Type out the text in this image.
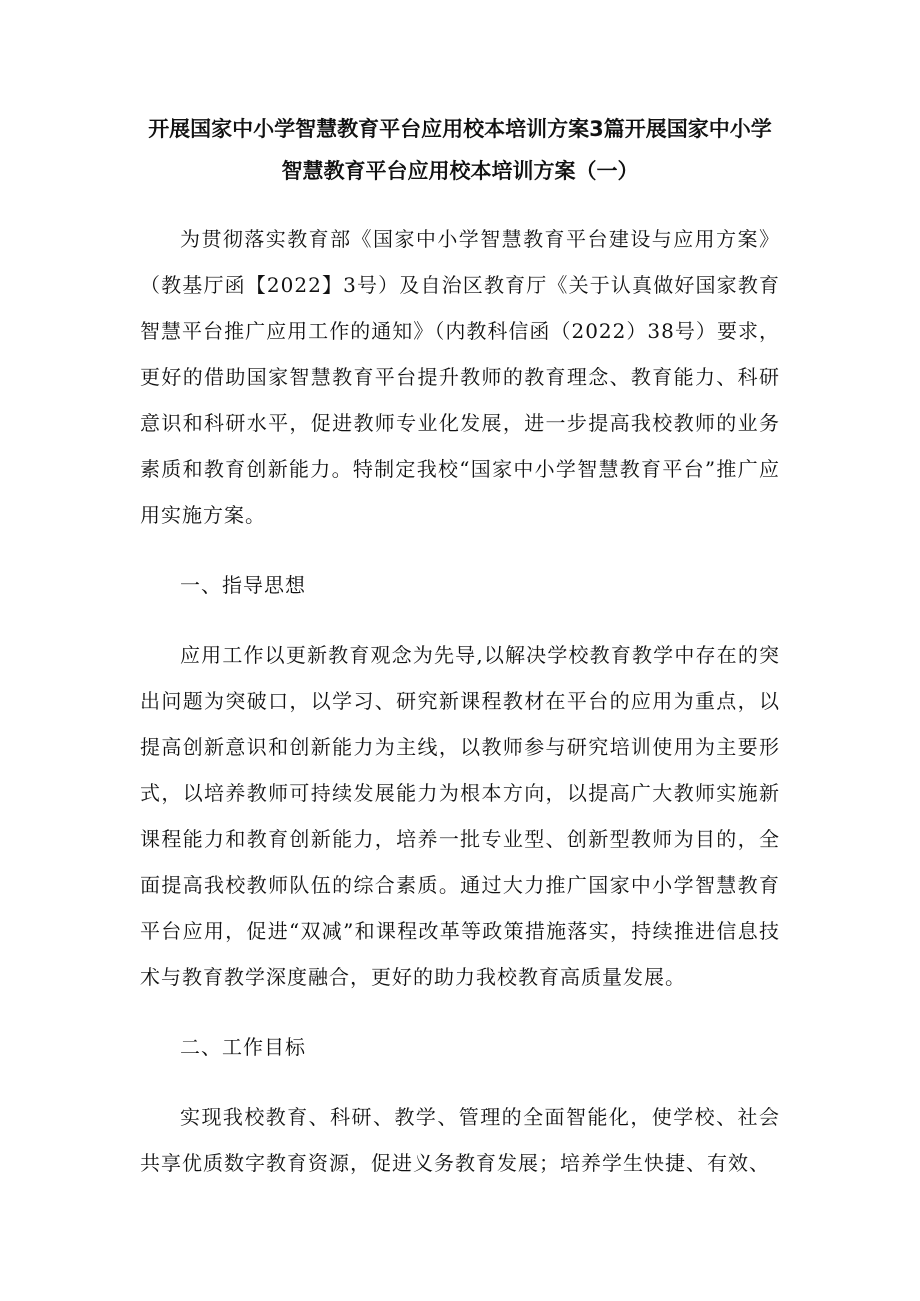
开展国家中小学智慧教育平台应用校本培训方案3篇开展国家中小学
智慧教育平台应用校本培训方案（一）

为贯彻落实教育部《国家中小学智慧教育平台建设与应用方案》（教基厅函【2022】3号）及自治区教育厅《关于认真做好国家教育智慧平台推广应用工作的通知》（内教科信函（2022）38号）要求，更好的借助国家智慧教育平台提升教师的教育理念、教育能力、科研意识和科研水平，促进教师专业化发展，进一步提高我校教师的业务素质和教育创新能力。特制定我校“国家中小学智慧教育平台”推广应用实施方案。

一、指导思想

应用工作以更新教育观念为先导,以解决学校教育教学中存在的突出问题为突破口，以学习、研究新课程教材在平台的应用为重点，以提高创新意识和创新能力为主线，以教师参与研究培训使用为主要形式，以培养教师可持续发展能力为根本方向，以提高广大教师实施新课程能力和教育创新能力，培养一批专业型、创新型教师为目的，全面提高我校教师队伍的综合素质。通过大力推广国家中小学智慧教育平台应用，促进“双减”和课程改革等政策措施落实，持续推进信息技术与教育教学深度融合，更好的助力我校教育高质量发展。

二、工作目标

实现我校教育、科研、教学、管理的全面智能化，使学校、社会共享优质数字教育资源，促进义务教育发展；培养学生快捷、有效、
